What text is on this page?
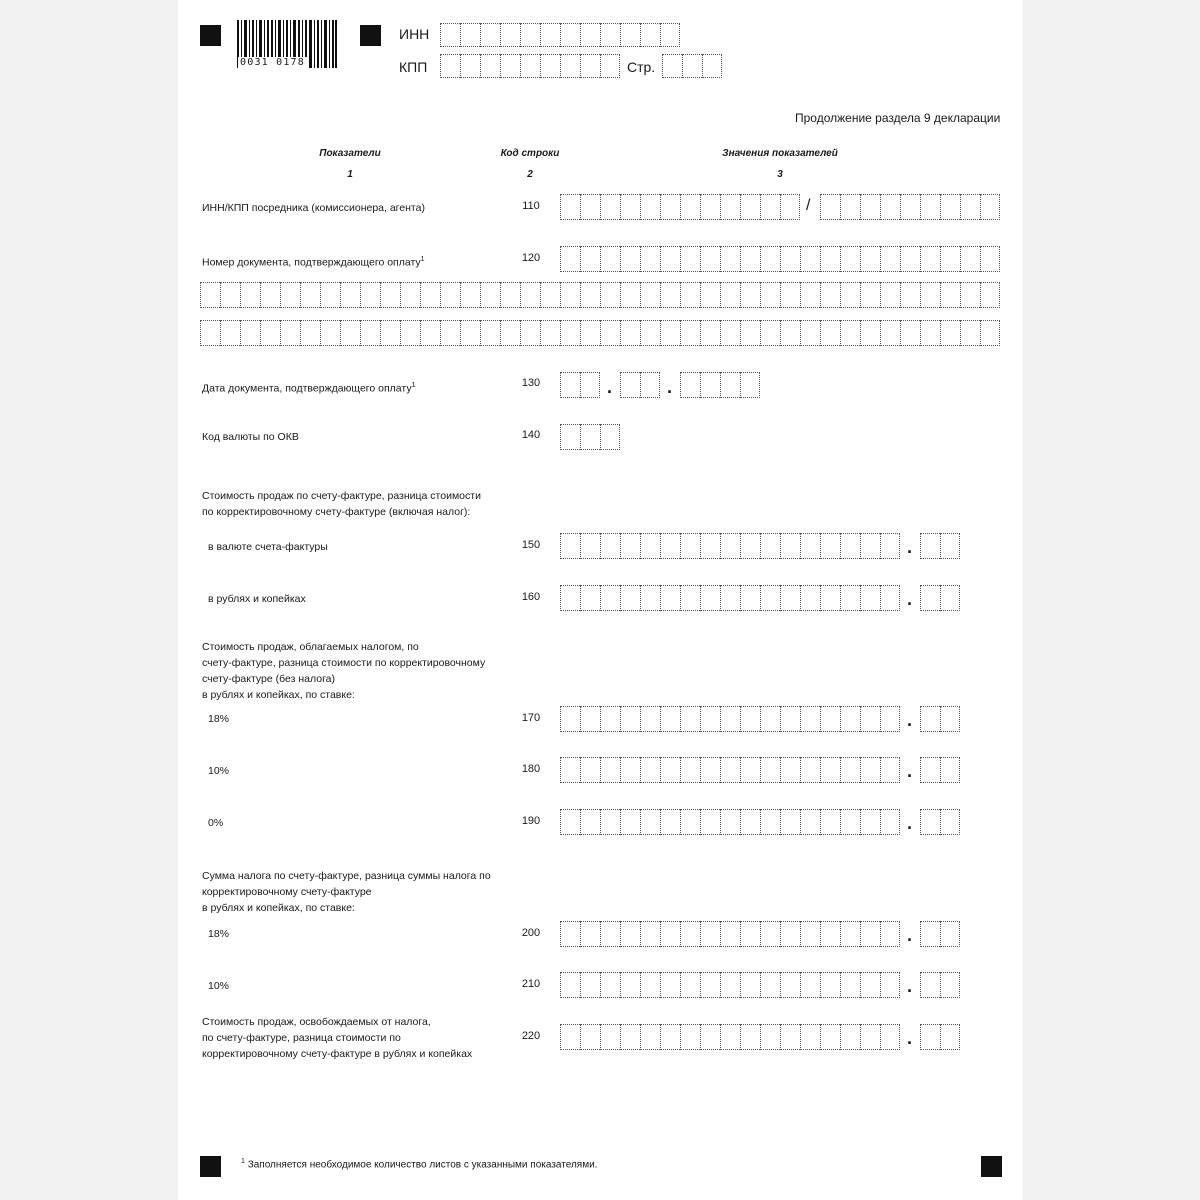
0031 0178
ИНН
КПП	Стр.
Продолжение раздела 9 декларации
Показатели	Код строки	Значения показателей
1	2	3
ИНН/КПП посредника (комиссионера, агента)	110	/
Номер документа, подтверждающего оплату$^1$	120
Дата документа, подтверждающего оплату$^1$	130	.	.
Код валюты по ОКВ	140
Стоимость продаж по счету-фактуре, разница стоимости
по корректировочному счету-фактуре (включая налог):
в валюте счета-фактуры	150	.
в рублях и копейках	160	.
Стоимость продаж, облагаемых налогом, по
счету-фактуре, разница стоимости по корректировочному
счету-фактуре (без налога)
в рублях и копейках, по ставке:
18%	170	.
10%	180	.
0%	190	.
Сумма налога по счету-фактуре, разница суммы налога по
корректировочному счету-фактуре
в рублях и копейках, по ставке:
18%	200	.
10%	210	.
Стоимость продаж, освобождаемых от налога,
по счету-фактуре, разница стоимости по
корректировочному счету-фактуре в рублях и копейках
220	.
$^1$ Заполняется необходимое количество листов с указанными показателями.
